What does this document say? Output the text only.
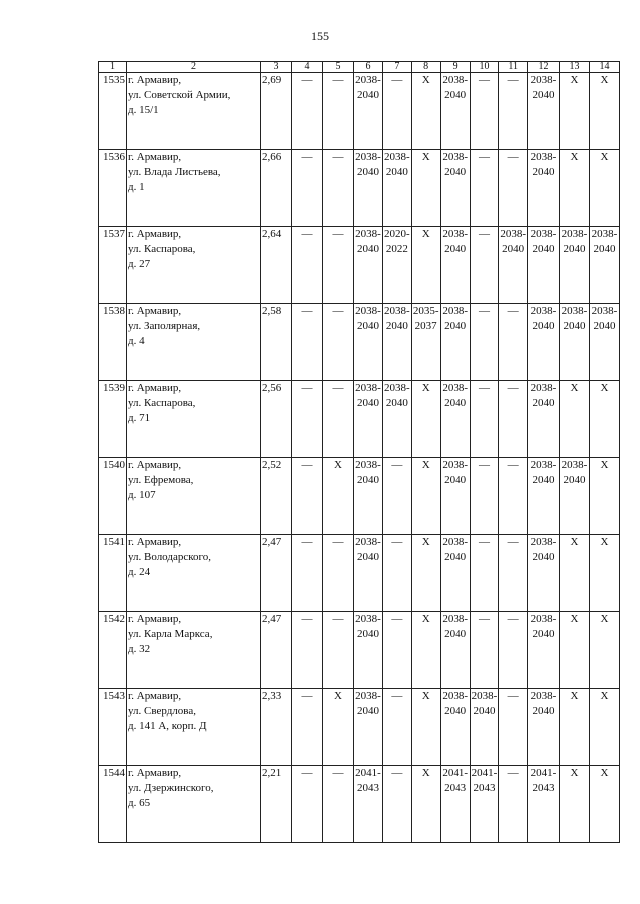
155
1	2	3	4	5	6	7	8	9	10	11	12	13	14
1535	г. Армавир,
ул. Советской Армии,
д. 15/1	2,69	—	—	2038-
2040	—	X	2038-
2040	—	—	2038-
2040	X	X
1536	г. Армавир,
ул. Влада Листьева,
д. 1	2,66	—	—	2038-
2040	2038-
2040	X	2038-
2040	—	—	2038-
2040	X	X
1537	г. Армавир,
ул. Каспарова,
д. 27	2,64	—	—	2038-
2040	2020-
2022	X	2038-
2040	—	2038-
2040	2038-
2040	2038-
2040	2038-
2040
1538	г. Армавир,
ул. Заполярная,
д. 4	2,58	—	—	2038-
2040	2038-
2040	2035-
2037	2038-
2040	—	—	2038-
2040	2038-
2040	2038-
2040
1539	г. Армавир,
ул. Каспарова,
д. 71	2,56	—	—	2038-
2040	2038-
2040	X	2038-
2040	—	—	2038-
2040	X	X
1540	г. Армавир,
ул. Ефремова,
д. 107	2,52	—	X	2038-
2040	—	X	2038-
2040	—	—	2038-
2040	2038-
2040	X
1541	г. Армавир,
ул. Володарского,
д. 24	2,47	—	—	2038-
2040	—	X	2038-
2040	—	—	2038-
2040	X	X
1542	г. Армавир,
ул. Карла Маркса,
д. 32	2,47	—	—	2038-
2040	—	X	2038-
2040	—	—	2038-
2040	X	X
1543	г. Армавир,
ул. Свердлова,
д. 141 А, корп. Д	2,33	—	X	2038-
2040	—	X	2038-
2040	2038-
2040	—	2038-
2040	X	X
1544	г. Армавир,
ул. Дзержинского,
д. 65	2,21	—	—	2041-
2043	—	X	2041-
2043	2041-
2043	—	2041-
2043	X	X
